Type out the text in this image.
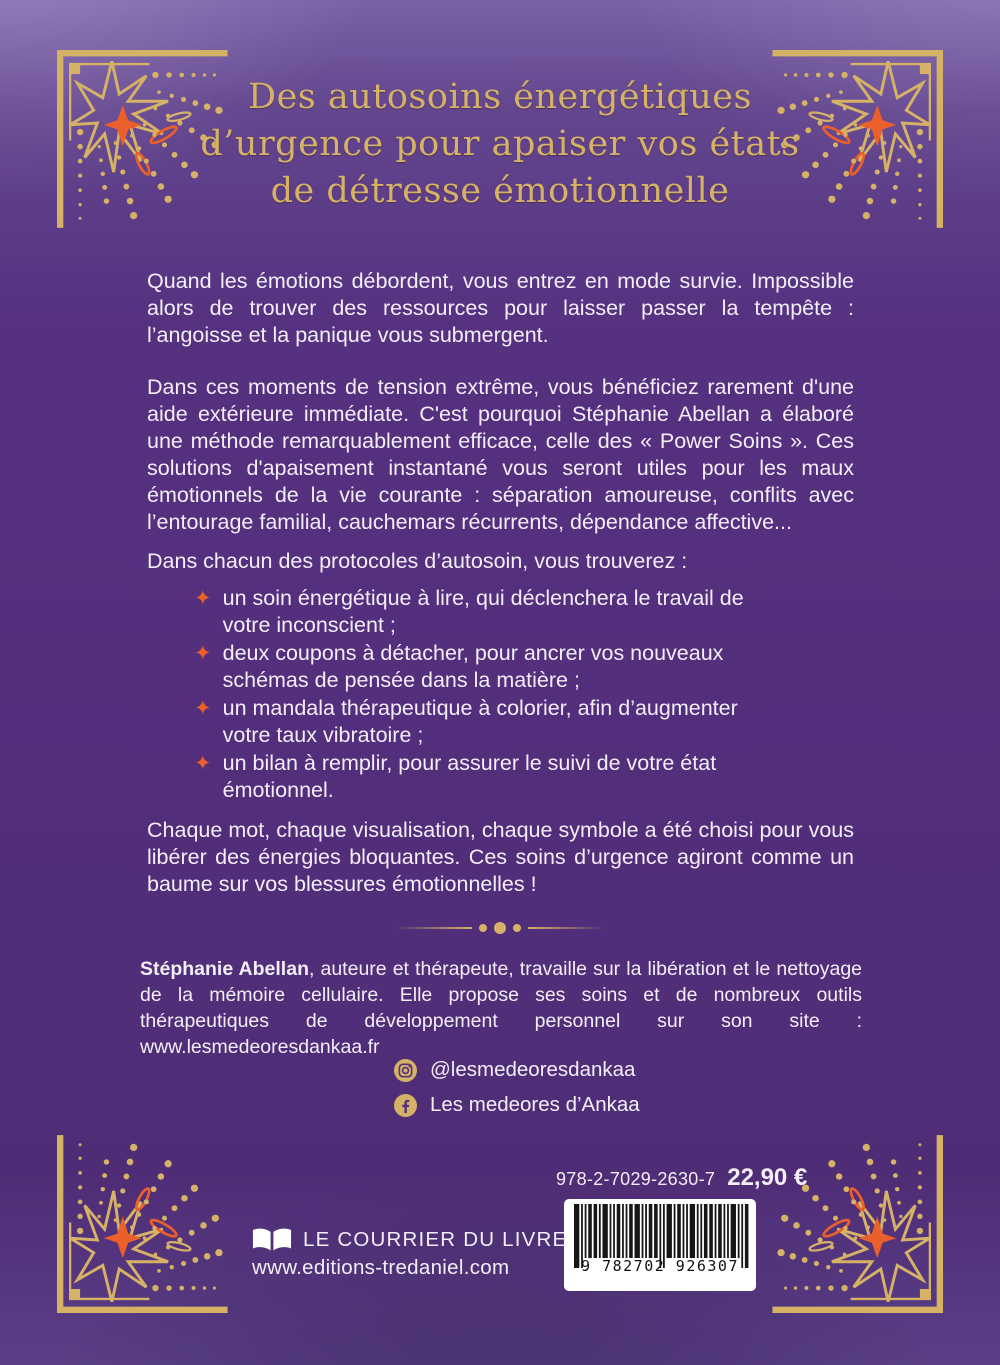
Des autosoins énergétiques
d’urgence pour apaiser vos états
de détresse émotionnelle

Quand les émotions débordent, vous entrez en mode survie. Impossible alors de trouver des ressources pour laisser passer la tempête : l’angoisse et la panique vous submergent.

Dans ces moments de tension extrême, vous bénéficiez rarement d'une aide extérieure immédiate. C'est pourquoi Stéphanie Abellan a élaboré une méthode remarquablement efficace, celle des « Power Soins ». Ces solutions d'apaisement instantané vous seront utiles pour les maux émotionnels de la vie courante : séparation amoureuse, conflits avec l’entourage familial, cauchemars récurrents, dépendance affective...

Dans chacun des protocoles d’autosoin, vous trouverez :

✦ un soin énergétique à lire, qui déclenchera le travail de votre inconscient ;
✦ deux coupons à détacher, pour ancrer vos nouveaux schémas de pensée dans la matière ;
✦ un mandala thérapeutique à colorier, afin d’augmenter votre taux vibratoire ;
✦ un bilan à remplir, pour assurer le suivi de votre état émotionnel.

Chaque mot, chaque visualisation, chaque symbole a été choisi pour vous libérer des énergies bloquantes. Ces soins d’urgence agiront comme un baume sur vos blessures émotionnelles !

Stéphanie Abellan, auteure et thérapeute, travaille sur la libération et le nettoyage de la mémoire cellulaire. Elle propose ses soins et de nombreux outils thérapeutiques de développement personnel sur son site : www.lesmedeoresdankaa.fr

@lesmedeoresdankaa
Les medeores d’Ankaa
978-2-7029-2630-7 22,90 €
9 782702 926307
LE COURRIER DU LIVRE
www.editions-tredaniel.com
